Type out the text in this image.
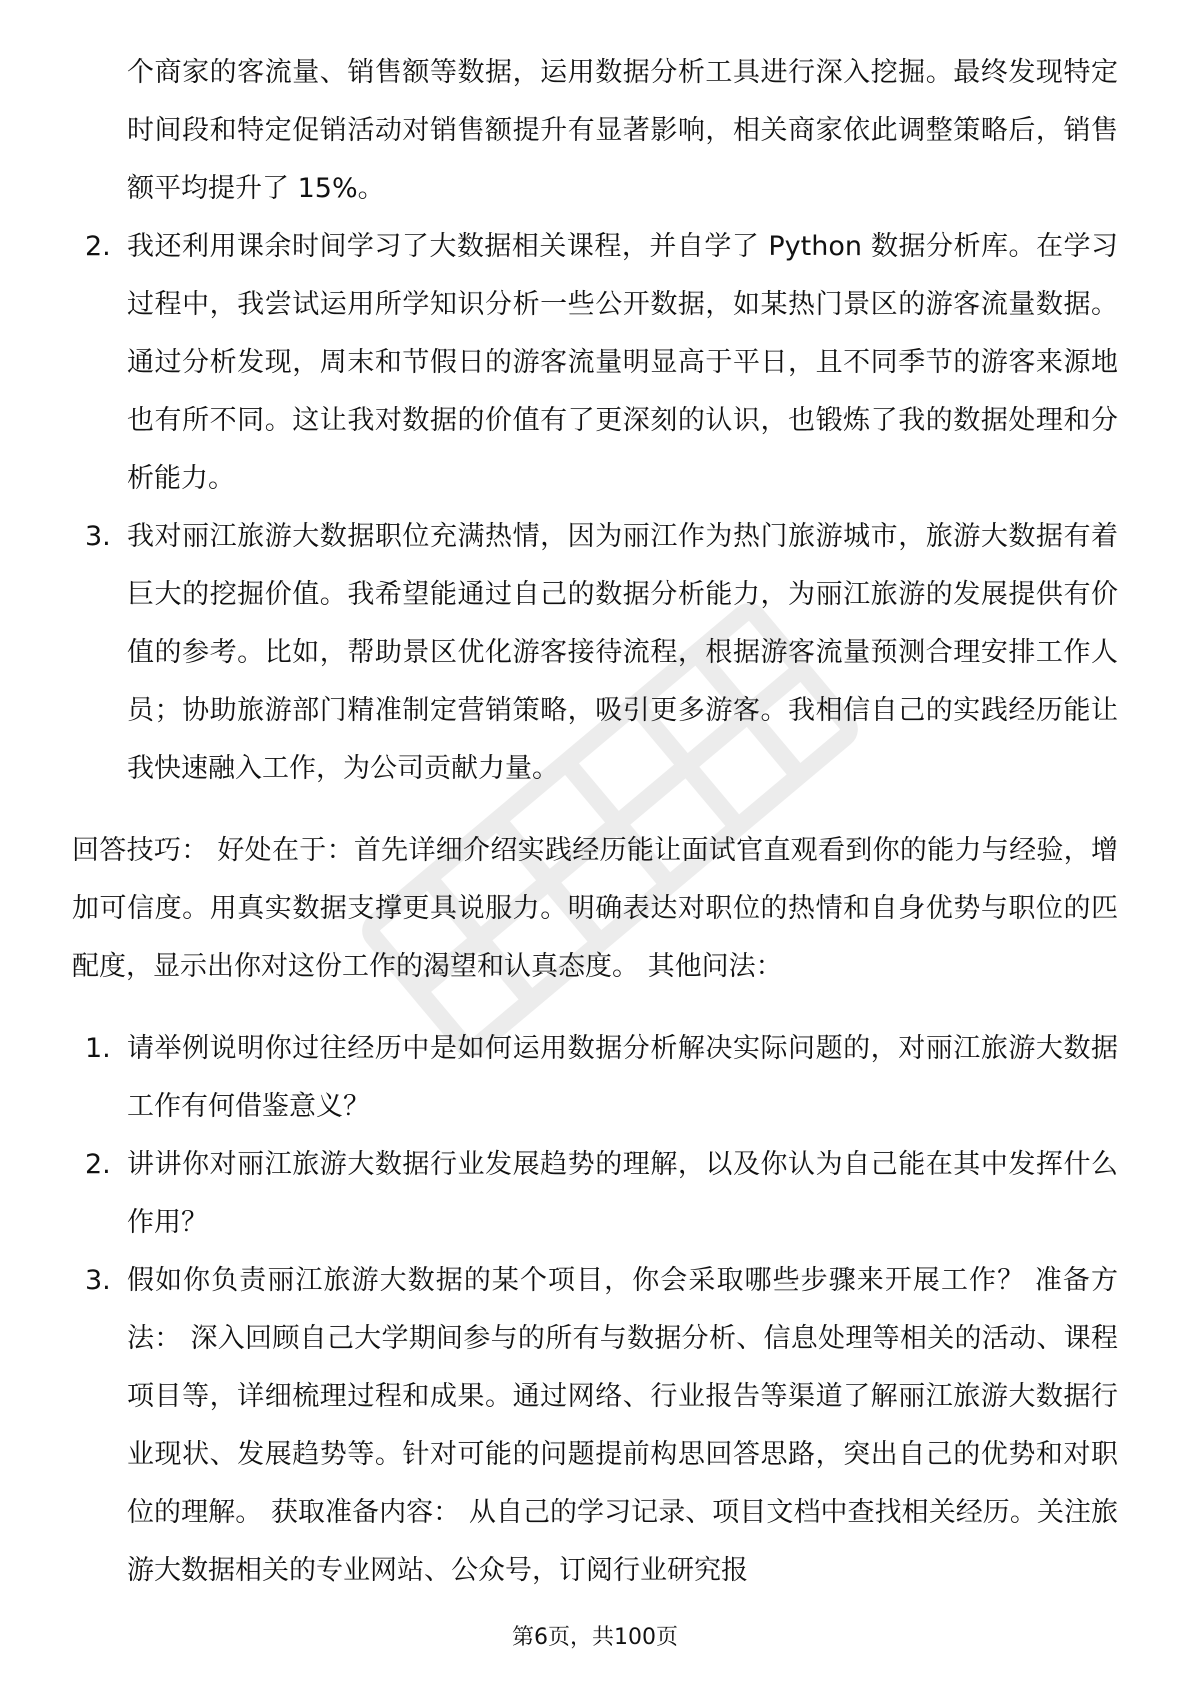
个商家的客流量、销售额等数据，运用数据分析工具进行深入挖掘。最终发现特定时间段和特定促销活动对销售额提升有显著影响，相关商家依此调整策略后，销售额平均提升了 15%。

2. 我还利用课余时间学习了大数据相关课程，并自学了 Python 数据分析库。在学习过程中，我尝试运用所学知识分析一些公开数据，如某热门景区的游客流量数据。通过分析发现，周末和节假日的游客流量明显高于平日，且不同季节的游客来源地也有所不同。这让我对数据的价值有了更深刻的认识，也锻炼了我的数据处理和分析能力。
3. 我对丽江旅游大数据职位充满热情，因为丽江作为热门旅游城市，旅游大数据有着巨大的挖掘价值。我希望能通过自己的数据分析能力，为丽江旅游的发展提供有价值的参考。比如，帮助景区优化游客接待流程，根据游客流量预测合理安排工作人员；协助旅游部门精准制定营销策略，吸引更多游客。我相信自己的实践经历能让我快速融入工作，为公司贡献力量。

回答技巧： 好处在于：首先详细介绍实践经历能让面试官直观看到你的能力与经验，增加可信度。用真实数据支撑更具说服力。明确表达对职位的热情和自身优势与职位的匹配度，显示出你对这份工作的渴望和认真态度。 其他问法：

1. 请举例说明你过往经历中是如何运用数据分析解决实际问题的，对丽江旅游大数据工作有何借鉴意义？
2. 讲讲你对丽江旅游大数据行业发展趋势的理解，以及你认为自己能在其中发挥什么作用？
3. 假如你负责丽江旅游大数据的某个项目，你会采取哪些步骤来开展工作？ 准备方法： 深入回顾自己大学期间参与的所有与数据分析、信息处理等相关的活动、课程项目等，详细梳理过程和成果。通过网络、行业报告等渠道了解丽江旅游大数据行业现状、发展趋势等。针对可能的问题提前构思回答思路，突出自己的优势和对职位的理解。 获取准备内容： 从自己的学习记录、项目文档中查找相关经历。关注旅游大数据相关的专业网站、公众号，订阅行业研究报
第6页，共100页
